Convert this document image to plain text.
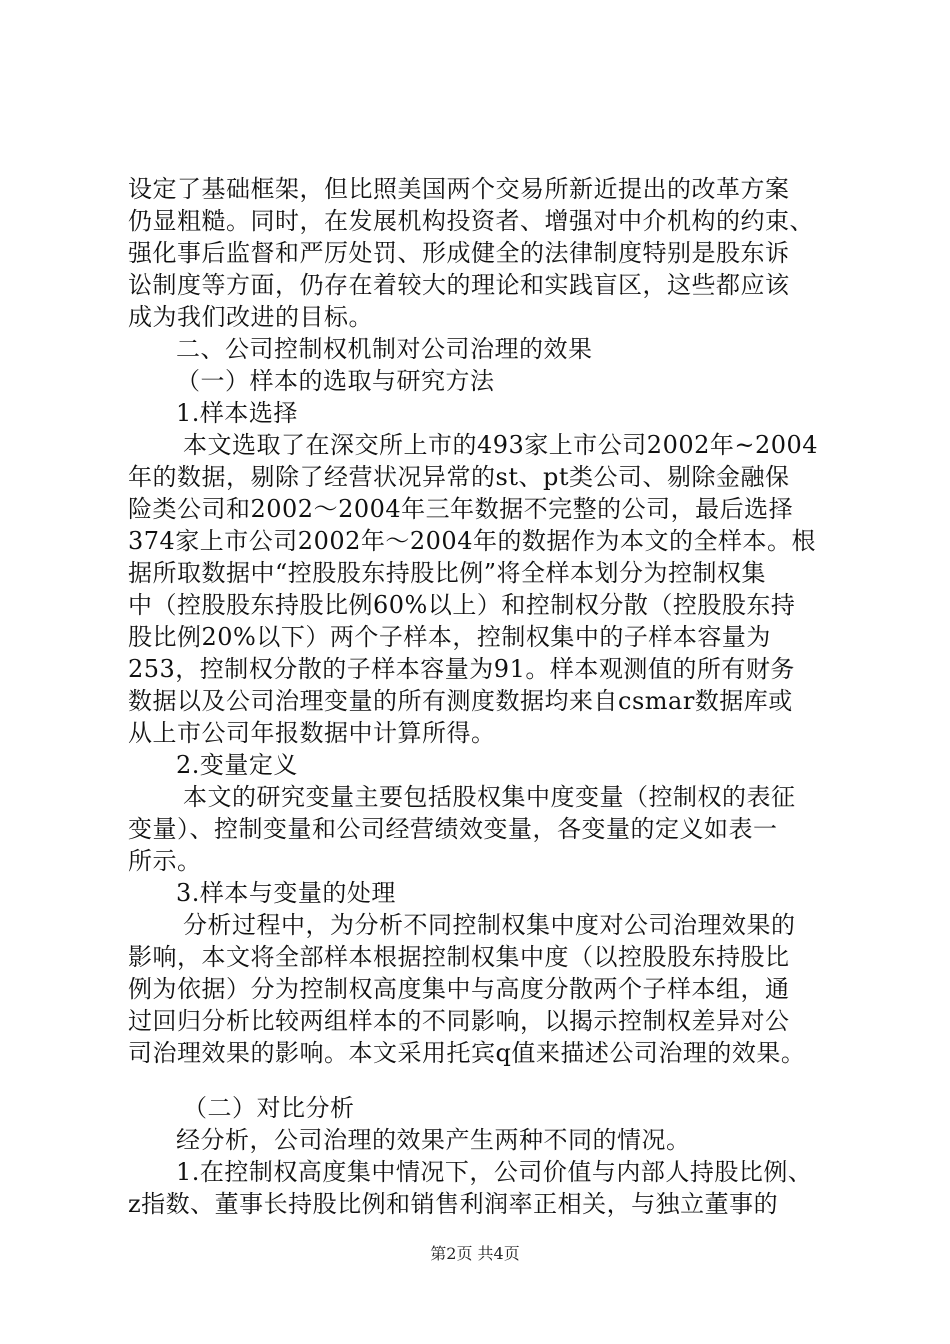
设定了基础框架，但比照美国两个交易所新近提出的改革方案
仍显粗糙。同时，在发展机构投资者、增强对中介机构的约束、
强化事后监督和严厉处罚、形成健全的法律制度特别是股东诉
讼制度等方面，仍存在着较大的理论和实践盲区，这些都应该
成为我们改进的目标。
二、公司控制权机制对公司治理的效果
（一）样本的选取与研究方法
1.样本选择
本文选取了在深交所上市的493家上市公司2002年~2004
年的数据，剔除了经营状况异常的st、pt类公司、剔除金融保
险类公司和2002～2004年三年数据不完整的公司，最后选择
374家上市公司2002年～2004年的数据作为本文的全样本。根
据所取数据中“控股股东持股比例”将全样本划分为控制权集
中（控股股东持股比例60%以上）和控制权分散（控股股东持
股比例20%以下）两个子样本，控制权集中的子样本容量为
253，控制权分散的子样本容量为91。样本观测值的所有财务
数据以及公司治理变量的所有测度数据均来自csmar数据库或
从上市公司年报数据中计算所得。
2.变量定义
本文的研究变量主要包括股权集中度变量（控制权的表征
变量）、控制变量和公司经营绩效变量，各变量的定义如表一
所示。
3.样本与变量的处理
分析过程中，为分析不同控制权集中度对公司治理效果的
影响，本文将全部样本根据控制权集中度（以控股股东持股比
例为依据）分为控制权高度集中与高度分散两个子样本组，通
过回归分析比较两组样本的不同影响，以揭示控制权差异对公
司治理效果的影响。本文采用托宾q值来描述公司治理的效果。
（二）对比分析
经分析，公司治理的效果产生两种不同的情况。
1.在控制权高度集中情况下，公司价值与内部人持股比例、
z指数、董事长持股比例和销售利润率正相关，与独立董事的
第2页 共4页
